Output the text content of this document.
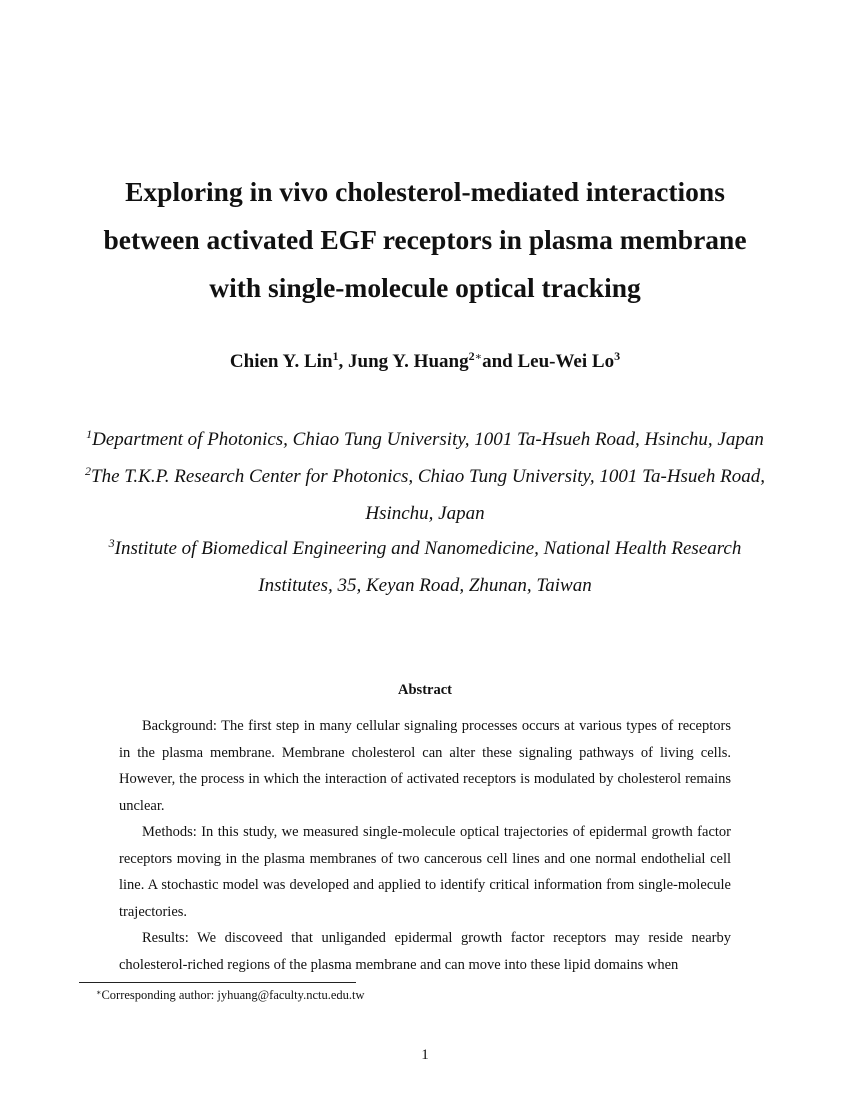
Exploring in vivo cholesterol-mediated interactions
between activated EGF receptors in plasma membrane
with single-molecule optical tracking
Chien Y. Lin$^1$, Jung Y. Huang$^{2∗}$and Leu-Wei Lo$^3$
$^1$Department of Photonics, Chiao Tung University, 1001 Ta-Hsueh Road, Hsinchu, Japan
$^2$The T.K.P. Research Center for Photonics, Chiao Tung University, 1001 Ta-Hsueh Road, Hsinchu, Japan
$^3$Institute of Biomedical Engineering and Nanomedicine, National Health Research Institutes, 35, Keyan Road, Zhunan, Taiwan
Abstract

Background: The first step in many cellular signaling processes occurs at various types of receptors in the plasma membrane. Membrane cholesterol can alter these signaling pathways of living cells. However, the process in which the interaction of activated receptors is modulated by cholesterol remains unclear.

Methods: In this study, we measured single-molecule optical trajectories of epidermal growth factor receptors moving in the plasma membranes of two cancerous cell lines and one normal endothelial cell line. A stochastic model was developed and applied to identify critical information from single-molecule trajectories.

Results: We discoveed that unliganded epidermal growth factor receptors may reside nearby cholesterol-riched regions of the plasma membrane and can move into these lipid domains when

∗Corresponding author: jyhuang@faculty.nctu.edu.tw
1
